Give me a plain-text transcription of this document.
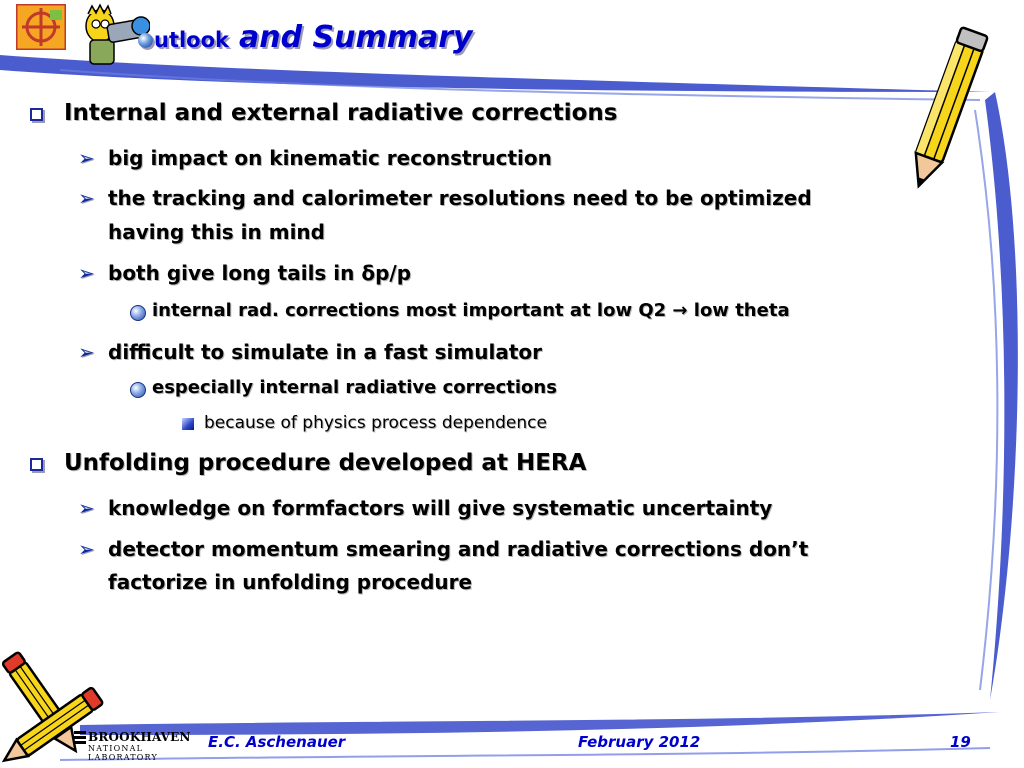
utlook and Summary
Internal and external radiative corrections
➢ big impact on kinematic reconstruction
➢ the tracking and calorimeter resolutions need to be optimized
having this in mind
➢ both give long tails in δp/p
internal rad. corrections most important at low Q2 → low theta
➢ difficult to simulate in a fast simulator
especially internal radiative corrections
because of physics process dependence
Unfolding procedure developed at HERA
➢ knowledge on formfactors will give systematic uncertainty
➢ detector momentum smearing and radiative corrections don’t
factorize in unfolding procedure
BROOKHAVEN
NATIONAL LABORATORY
E.C. Aschenauer	February 2012	19
